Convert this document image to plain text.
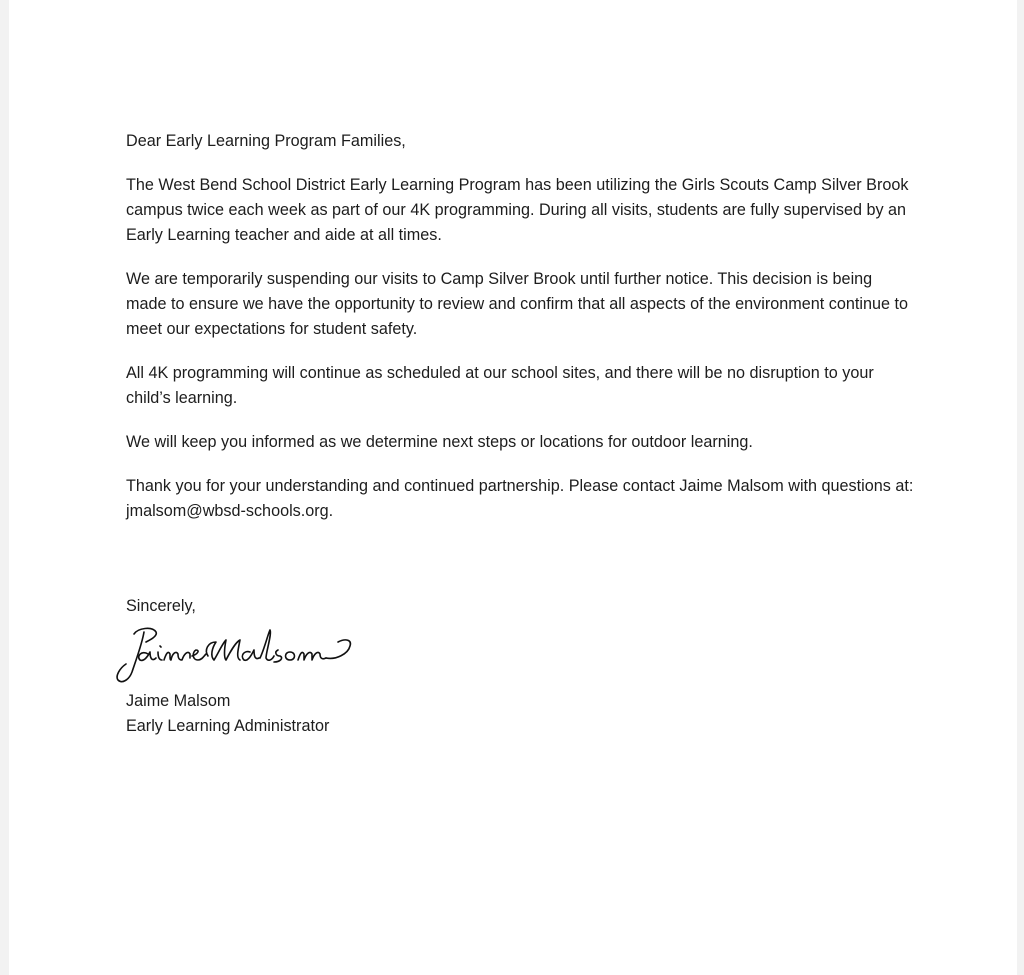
Dear Early Learning Program Families,

The West Bend School District Early Learning Program has been utilizing the Girls Scouts Camp Silver Brook campus twice each week as part of our 4K programming. During all visits, students are fully supervised by an Early Learning teacher and aide at all times.

We are temporarily suspending our visits to Camp Silver Brook until further notice. This decision is being made to ensure we have the opportunity to review and confirm that all aspects of the environment continue to meet our expectations for student safety.

All 4K programming will continue as scheduled at our school sites, and there will be no disruption to your child’s learning.

We will keep you informed as we determine next steps or locations for outdoor learning.

Thank you for your understanding and continued partnership. Please contact Jaime Malsom with questions at: jmalsom@wbsd-schools.org.

Sincerely,
Jaime Malsom
Early Learning Administrator
